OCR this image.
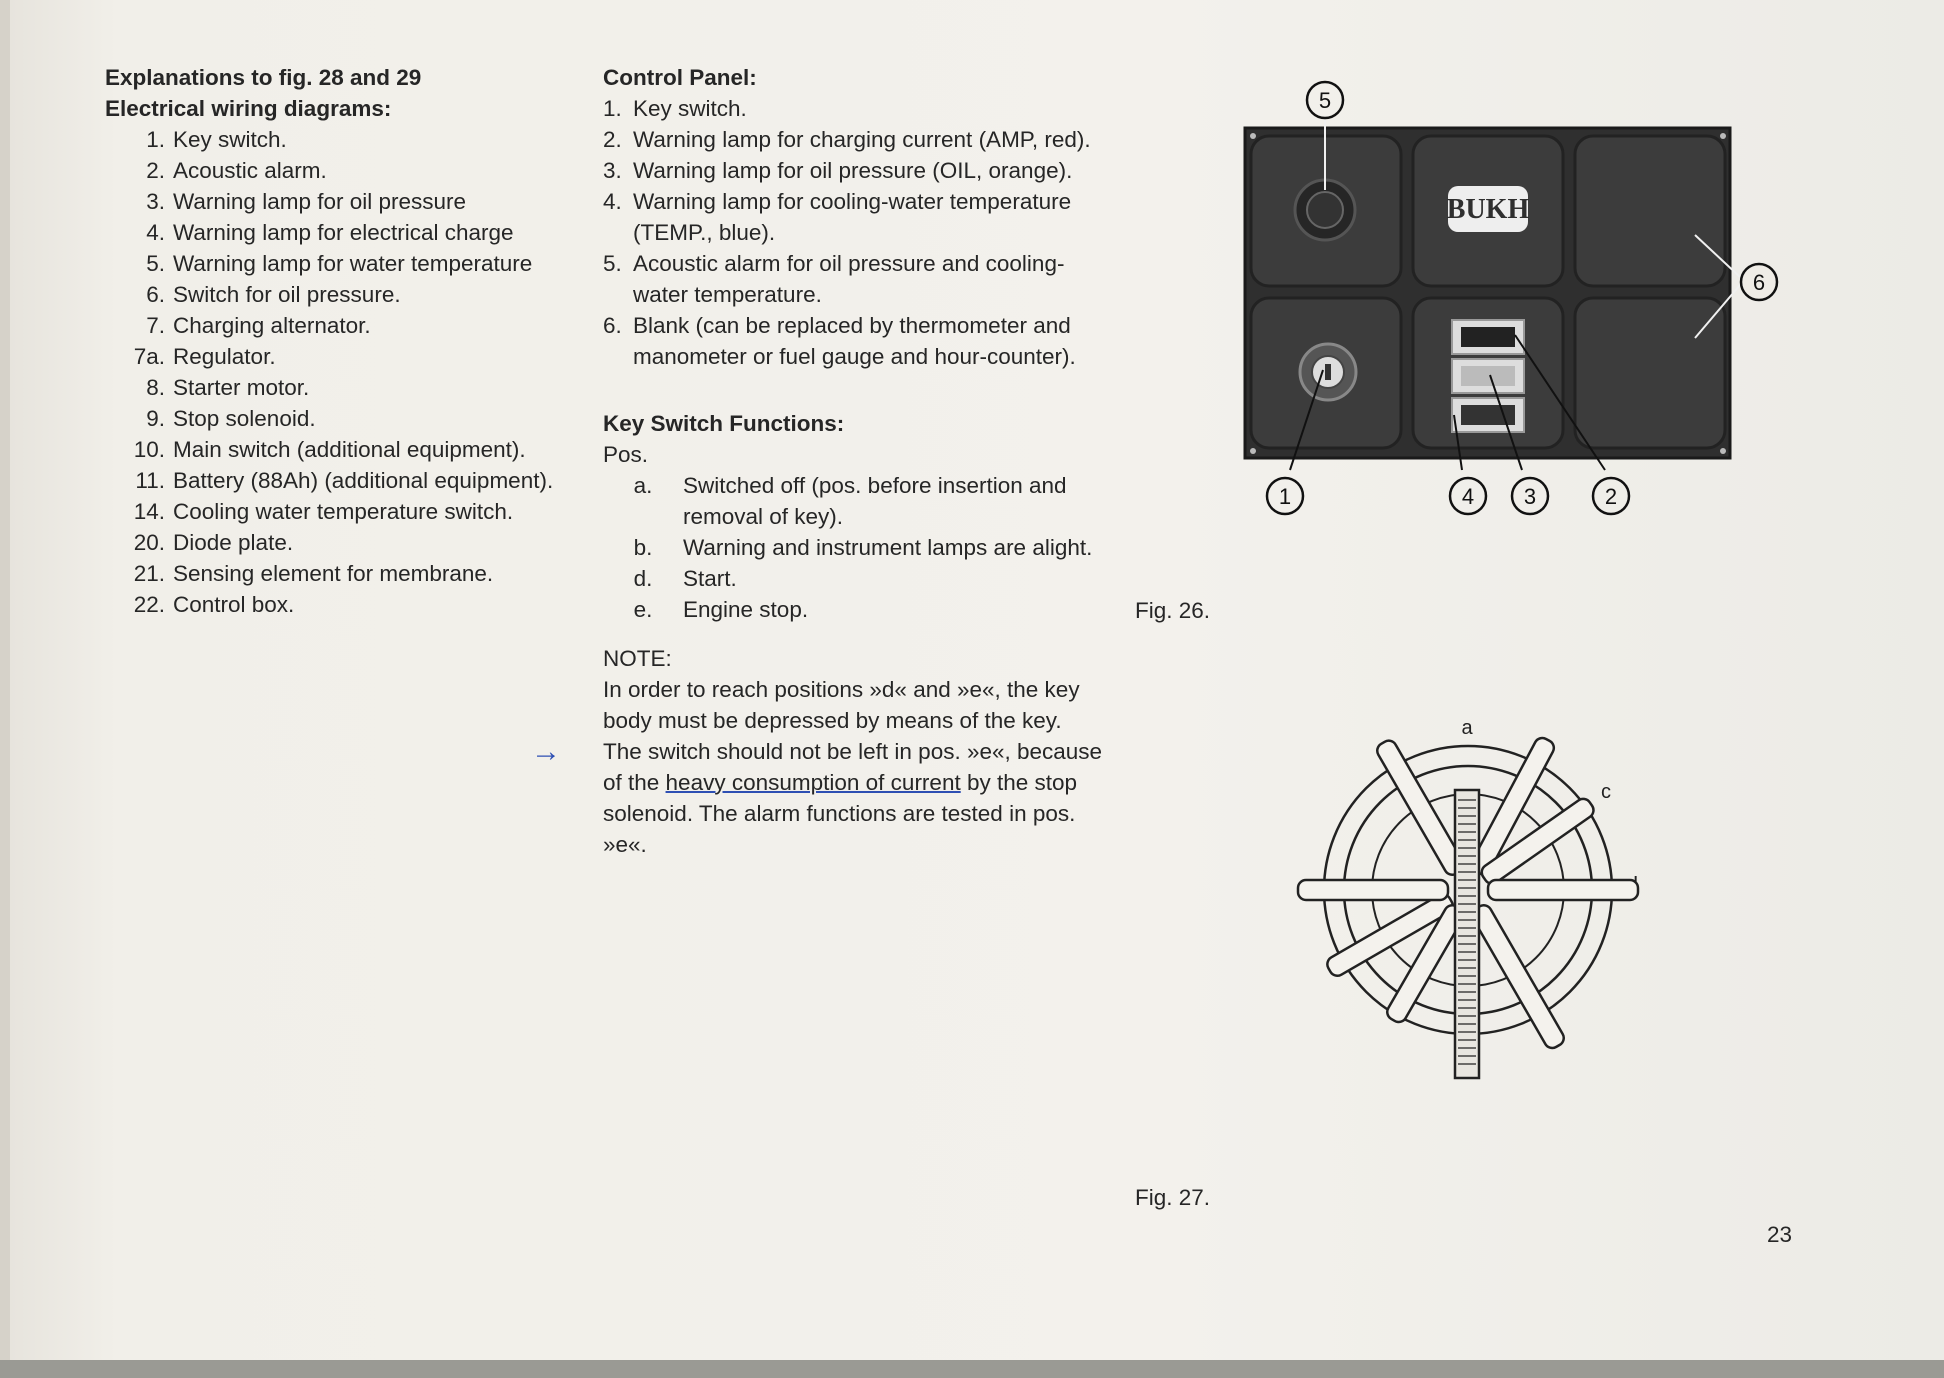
Explanations to fig. 28 and 29
Electrical wiring diagrams:
1. Key switch.
2. Acoustic alarm.
3. Warning lamp for oil pressure
4. Warning lamp for electrical charge
5. Warning lamp for water temperature
6. Switch for oil pressure.
7. Charging alternator.
7a. Regulator.
8. Starter motor.
9. Stop solenoid.
10. Main switch (additional equipment).
11. Battery (88Ah) (additional equipment).
14. Cooling water temperature switch.
20. Diode plate.
21. Sensing element for membrane.
22. Control box.
Control Panel:
1. Key switch.
2. Warning lamp for charging current (AMP, red).
3. Warning lamp for oil pressure (OIL, orange).
4. Warning lamp for cooling-water temperature (TEMP., blue).
5. Acoustic alarm for oil pressure and cooling-water temperature.
6. Blank (can be replaced by thermometer and manometer or fuel gauge and hour-counter).
Key Switch Functions:
Pos.
a.	Switched off (pos. before insertion and removal of key).
b.	Warning and instrument lamps are alight.
d.	Start.
e.	Engine stop.
NOTE:
In order to reach positions »d« and »e«, the key body must be depressed by means of the key.
→ The switch should not be left in pos. »e«, because of the heavy consumption of current by the stop solenoid. The alarm functions are tested in pos. »e«.
BUKH
5
6
1	4 3	2
Fig. 26.
a
c
Fig. 27.
23
